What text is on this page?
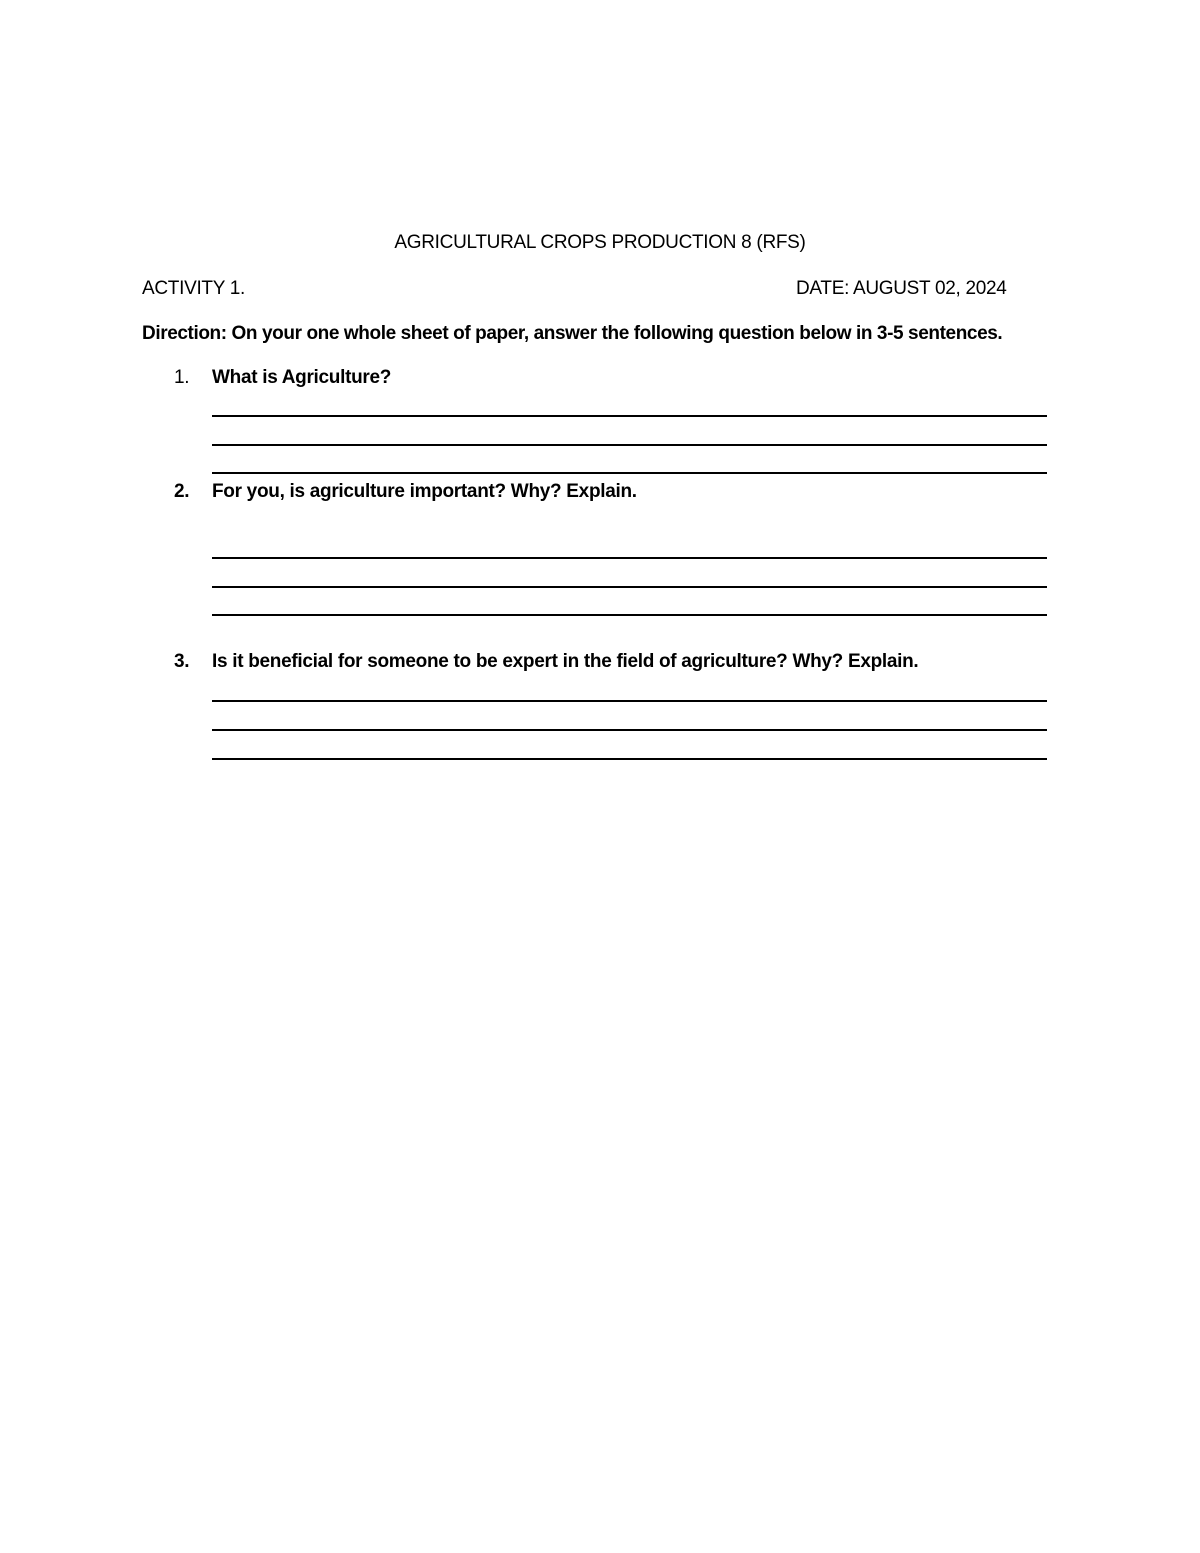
AGRICULTURAL CROPS PRODUCTION 8 (RFS)
ACTIVITY 1.	DATE: AUGUST 02, 2024
Direction: On your one whole sheet of paper, answer the following question below in 3-5 sentences.
1.	What is Agriculture?
2.	For you, is agriculture important? Why? Explain.
3.	Is it beneficial for someone to be expert in the field of agriculture? Why? Explain.
